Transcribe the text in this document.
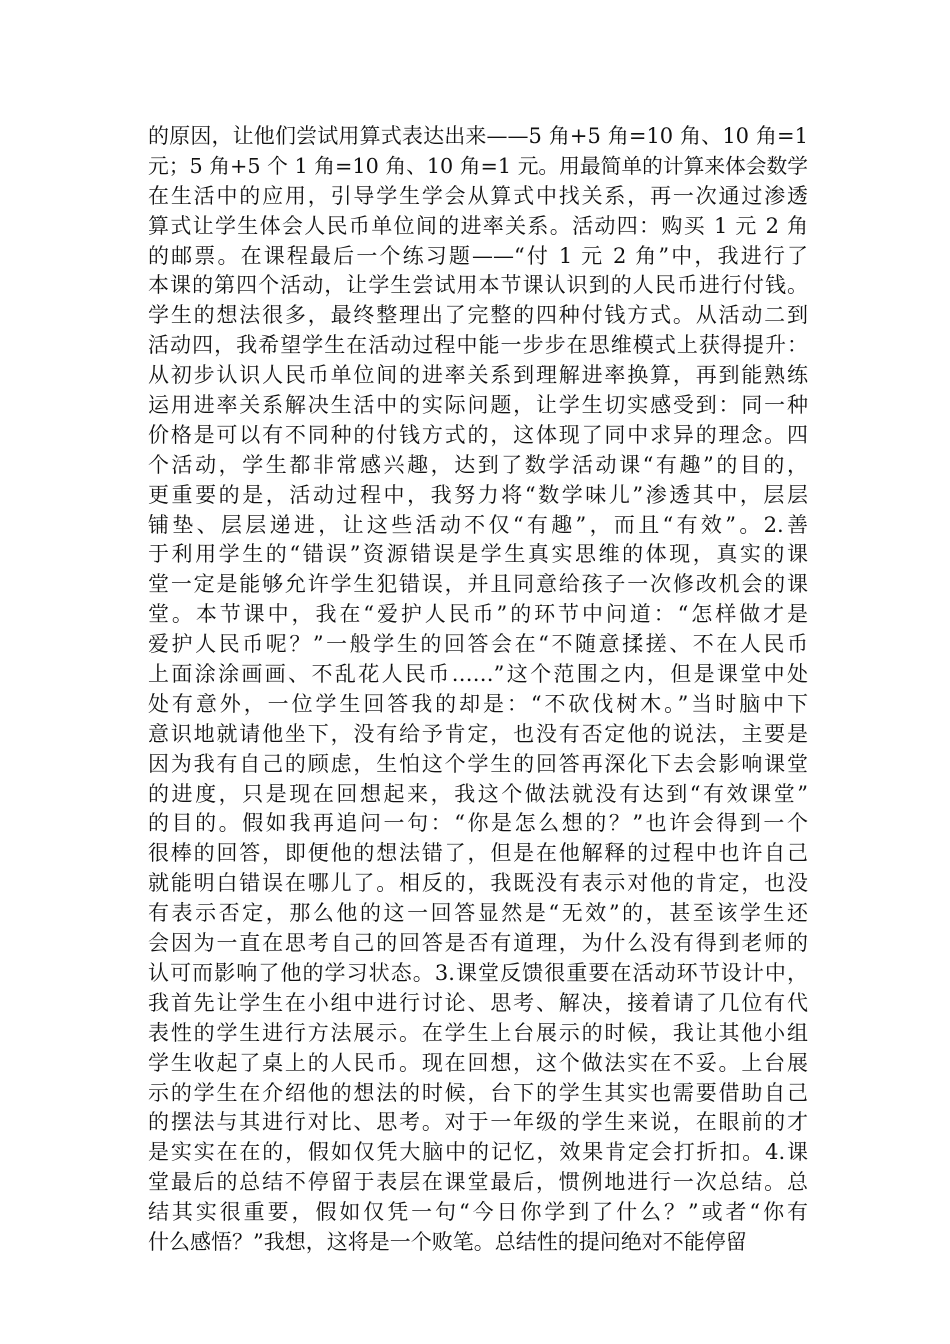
的原因，让他们尝试用算式表达出来——5 角+5 角=10 角、10 角=1
元；5 角+5 个 1 角=10 角、10 角=1 元。用最简单的计算来体会数学
在生活中的应用，引导学生学会从算式中找关系，再一次通过渗透
算式让学生体会人民币单位间的进率关系。活动四：购买 1 元 2 角
的邮票。在课程最后一个练习题——“付 1 元 2 角”中，我进行了
本课的第四个活动，让学生尝试用本节课认识到的人民币进行付钱。
学生的想法很多，最终整理出了完整的四种付钱方式。从活动二到
活动四，我希望学生在活动过程中能一步步在思维模式上获得提升：
从初步认识人民币单位间的进率关系到理解进率换算，再到能熟练
运用进率关系解决生活中的实际问题，让学生切实感受到：同一种
价格是可以有不同种的付钱方式的，这体现了同中求异的理念。四
个活动，学生都非常感兴趣，达到了数学活动课“有趣”的目的，
更重要的是，活动过程中，我努力将“数学味儿”渗透其中，层层
铺垫、层层递进，让这些活动不仅“有趣”，而且“有效”。2.善
于利用学生的“错误”资源错误是学生真实思维的体现，真实的课
堂一定是能够允许学生犯错误，并且同意给孩子一次修改机会的课
堂。本节课中，我在“爱护人民币”的环节中问道：“怎样做才是
爱护人民币呢？”一般学生的回答会在“不随意揉搓、不在人民币
上面涂涂画画、不乱花人民币……”这个范围之内，但是课堂中处
处有意外，一位学生回答我的却是：“不砍伐树木。”当时脑中下
意识地就请他坐下，没有给予肯定，也没有否定他的说法，主要是
因为我有自己的顾虑，生怕这个学生的回答再深化下去会影响课堂
的进度，只是现在回想起来，我这个做法就没有达到“有效课堂”
的目的。假如我再追问一句：“你是怎么想的？”也许会得到一个
很棒的回答，即便他的想法错了，但是在他解释的过程中也许自己
就能明白错误在哪儿了。相反的，我既没有表示对他的肯定，也没
有表示否定，那么他的这一回答显然是“无效”的，甚至该学生还
会因为一直在思考自己的回答是否有道理，为什么没有得到老师的
认可而影响了他的学习状态。3.课堂反馈很重要在活动环节设计中，
我首先让学生在小组中进行讨论、思考、解决，接着请了几位有代
表性的学生进行方法展示。在学生上台展示的时候，我让其他小组
学生收起了桌上的人民币。现在回想，这个做法实在不妥。上台展
示的学生在介绍他的想法的时候，台下的学生其实也需要借助自己
的摆法与其进行对比、思考。对于一年级的学生来说，在眼前的才
是实实在在的，假如仅凭大脑中的记忆，效果肯定会打折扣。4.课
堂最后的总结不停留于表层在课堂最后，惯例地进行一次总结。总
结其实很重要，假如仅凭一句“今日你学到了什么？”或者“你有
什么感悟？”我想，这将是一个败笔。总结性的提问绝对不能停留
